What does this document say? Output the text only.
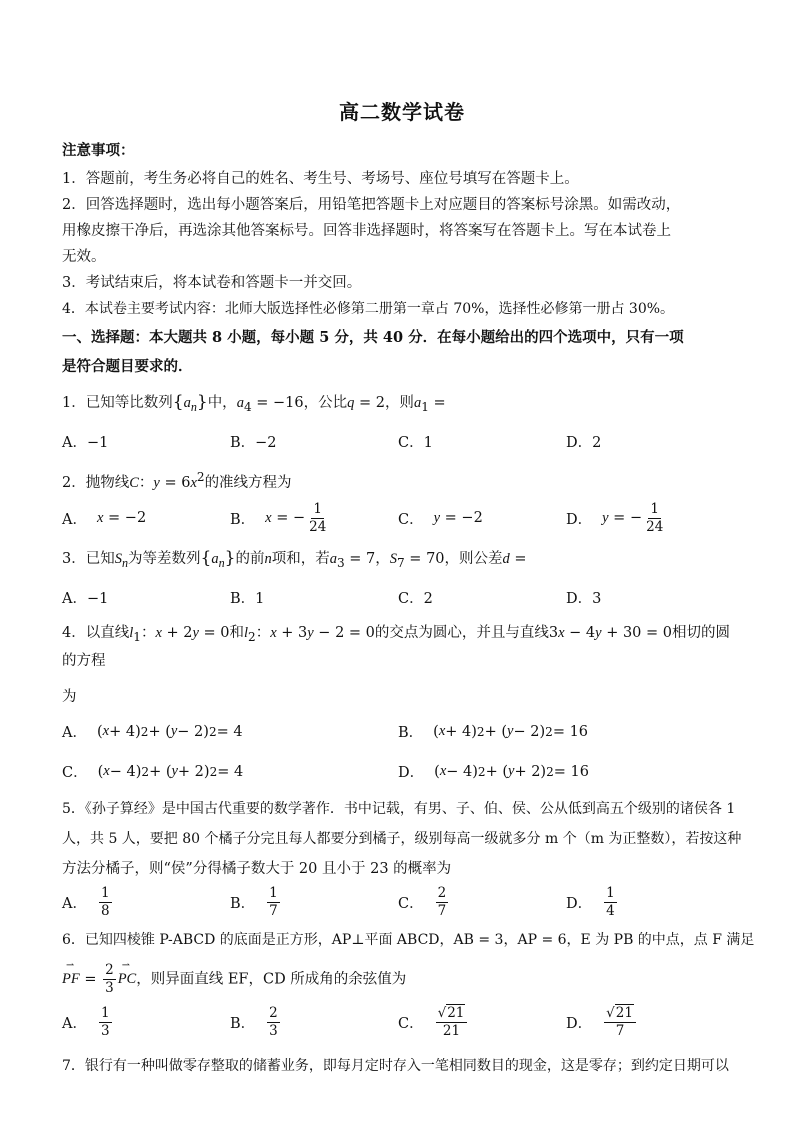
高二数学试卷
注意事项：

1．答题前，考生务必将自己的姓名、考生号、考场号、座位号填写在答题卡上。

2．回答选择题时，选出每小题答案后，用铅笔把答题卡上对应题目的答案标号涂黑。如需改动，

用橡皮擦干净后，再选涂其他答案标号。回答非选择题时，将答案写在答题卡上。写在本试卷上

无效。

3．考试结束后，将本试卷和答题卡一并交回。

4．本试卷主要考试内容：北师大版选择性必修第二册第一章占 70%，选择性必修第一册占 30%。

一、选择题：本大题共 8 小题，每小题 5 分，共 40 分．在每小题给出的四个选项中，只有一项
是符合题目要求的．
1．已知等比数列$\{a_n\}$中，$a_4 = -16$，公比q = 2，则$a_1$ =
A．−1	B．−2	C．1	D．2
2．抛物线C：$y = 6x^2$的准线方程为
A． x = −2	B． x = − $\frac{1}{24}$	C． y = −2	D． y = − $\frac{1}{24}$
3．已知$S_n$为等差数列$\{a_n\}$的前n项和，若$a_3 = 7$，$S_7 = 70$，则公差d =
A．−1	B．1	C．2	D．3
4．以直线$l_1$：x + 2y = 0和$l_2$：x + 3y − 2 = 0的交点为圆心，并且与直线3x − 4y + 30 = 0相切的圆的方程
为
A． ( x + 4) 2 + ( y − 2) 2 = 4	B． ( x + 4) 2 + ( y − 2) 2 = 16
C． ( x − 4) 2 + ( y + 2) 2 = 4	D． ( x − 4) 2 + ( y + 2) 2 = 16
5．《孙子算经》是中国古代重要的数学著作．书中记载，有男、子、伯、侯、公从低到高五个级别的诸侯各 1
人，共 5 人，要把 80 个橘子分完且每人都要分到橘子，级别每高一级就多分 m 个（m 为正整数），若按这种
方法分橘子，则“侯”分得橘子数大于 20 且小于 23 的概率为
A． $\frac{1}{8}$	B． $\frac{1}{7}$	C． $\frac{2}{7}$	D． $\frac{1}{4}$
6．已知四棱锥 P-ABCD 的底面是正方形，AP⊥平面 ABCD，AB = 3，AP = 6，E 为 PB 的中点，点 F 满足
⇀ PF = $\frac{2}{3}$
⇀ PC，则异面直线 EF，CD 所成角的余弦值为
A． $\frac{1}{3}$	B． $\frac{2}{3}$	C． $\frac{√21}{21}$	D． $\frac{√21}{7}$
7．银行有一种叫做零存整取的储蓄业务，即每月定时存入一笔相同数目的现金，这是零存；到约定日期可以
